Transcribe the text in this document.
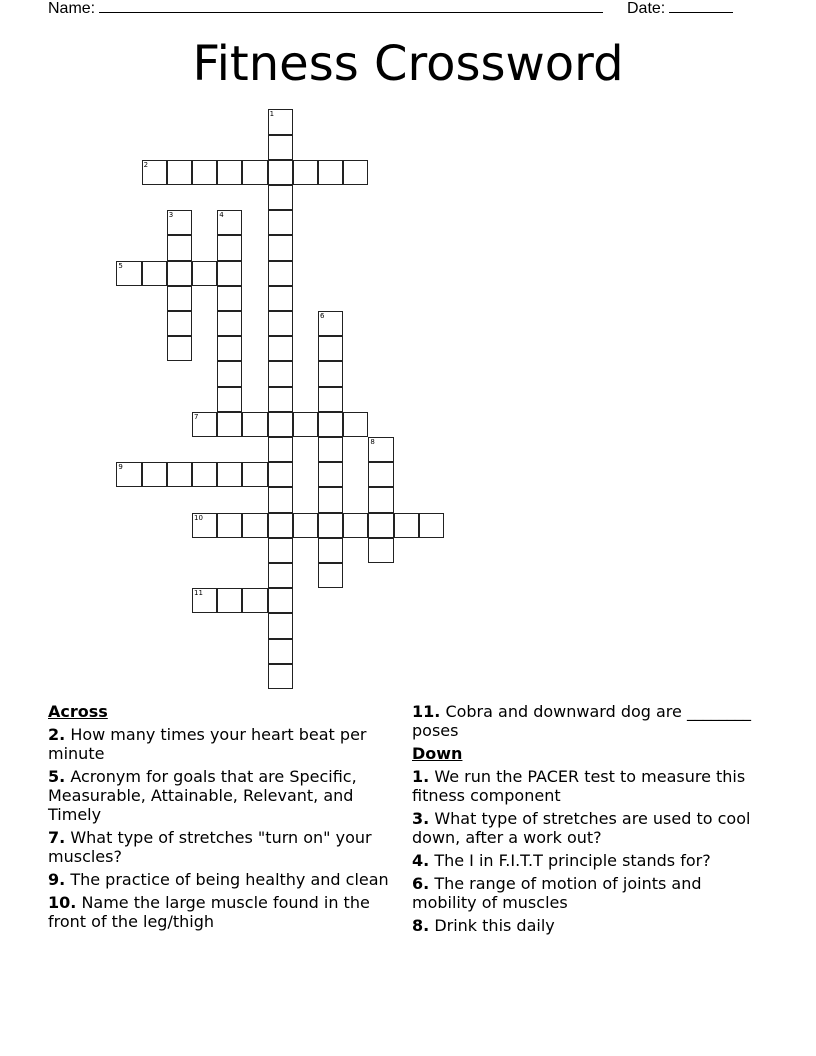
Name:	Date:
Fitness Crossword
1
2
3	4
5
6
7
8
9
10
11
Across
2. How many times your heart beat per minute
5. Acronym for goals that are Specific, Measurable, Attainable, Relevant, and Timely
7. What type of stretches "turn on" your muscles?
9. The practice of being healthy and clean
10. Name the large muscle found in the front of the leg/thigh
11. Cobra and downward dog are ________ poses
Down
1. We run the PACER test to measure this fitness component
3. What type of stretches are used to cool down, after a work out?
4. The I in F.I.T.T principle stands for?
6. The range of motion of joints and mobility of muscles
8. Drink this daily
